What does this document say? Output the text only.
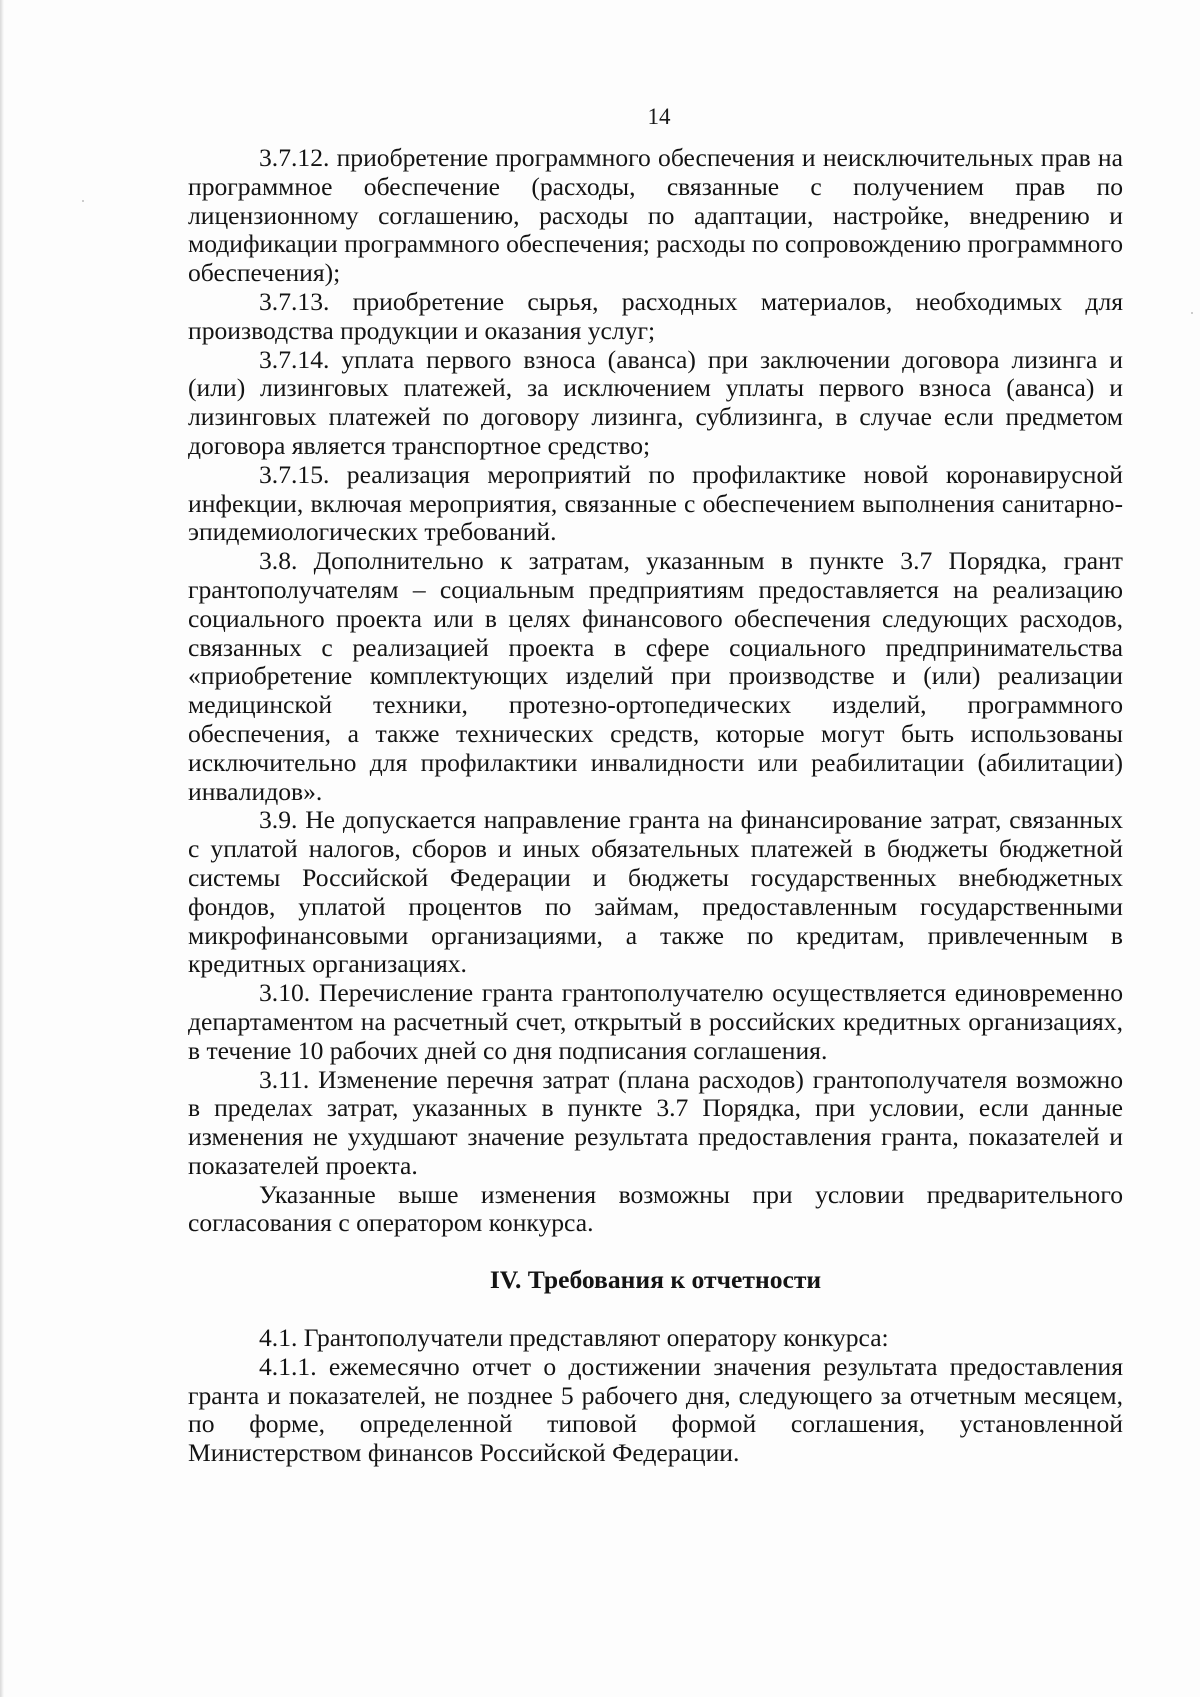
14

3.7.12. приобретение программного обеспечения и неисключительных прав на программное обеспечение (расходы, связанные с получением прав по лицензионному соглашению, расходы по адаптации, настройке, внедрению и модификации программного обеспечения; расходы по сопровождению программного обеспечения);

3.7.13. приобретение сырья, расходных материалов, необходимых для производства продукции и оказания услуг;

3.7.14. уплата первого взноса (аванса) при заключении договора лизинга и (или) лизинговых платежей, за исключением уплаты первого взноса (аванса) и лизинговых платежей по договору лизинга, сублизинга, в случае если предметом договора является транспортное средство;

3.7.15. реализация мероприятий по профилактике новой коронавирусной инфекции, включая мероприятия, связанные с обеспечением выполнения санитарно-эпидемиологических требований.

3.8. Дополнительно к затратам, указанным в пункте 3.7 Порядка, грант грантополучателям – социальным предприятиям предоставляется на реализацию социального проекта или в целях финансового обеспечения следующих расходов, связанных с реализацией проекта в сфере социального предпринимательства «приобретение комплектующих изделий при производстве и (или) реализации медицинской техники, протезно-ортопедических изделий, программного обеспечения, а также технических средств, которые могут быть использованы исключительно для профилактики инвалидности или реабилитации (абилитации) инвалидов».

3.9. Не допускается направление гранта на финансирование затрат, связанных с уплатой налогов, сборов и иных обязательных платежей в бюджеты бюджетной системы Российской Федерации и бюджеты государственных внебюджетных фондов, уплатой процентов по займам, предоставленным государственными микрофинансовыми организациями, а также по кредитам, привлеченным в кредитных организациях.

3.10. Перечисление гранта грантополучателю осуществляется единовременно департаментом на расчетный счет, открытый в российских кредитных организациях, в течение 10 рабочих дней со дня подписания соглашения.

3.11. Изменение перечня затрат (плана расходов) грантополучателя возможно в пределах затрат, указанных в пункте 3.7 Порядка, при условии, если данные изменения не ухудшают значение результата предоставления гранта, показателей и показателей проекта.

Указанные выше изменения возможны при условии предварительного согласования с оператором конкурса.

IV. Требования к отчетности

4.1. Грантополучатели представляют оператору конкурса:

4.1.1. ежемесячно отчет о достижении значения результата предоставления гранта и показателей, не позднее 5 рабочего дня, следующего за отчетным месяцем, по форме, определенной типовой формой соглашения, установленной Министерством финансов Российской Федерации.
